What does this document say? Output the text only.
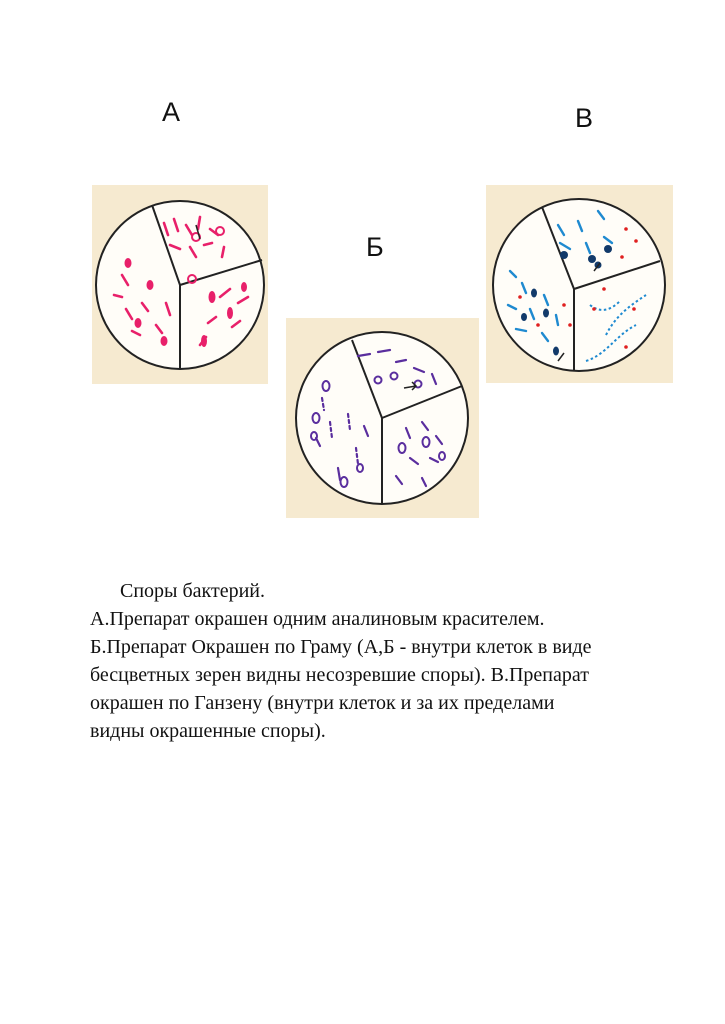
А	В
Б
Споры бактерий.
А.Препарат окрашен одним аналиновым красителем.
Б.Препарат Окрашен по Граму (А,Б - внутри клеток в виде
бесцветных зерен видны несозревшие споры). В.Препарат
окрашен по Ганзену (внутри клеток и за их пределами
видны окрашенные споры).
